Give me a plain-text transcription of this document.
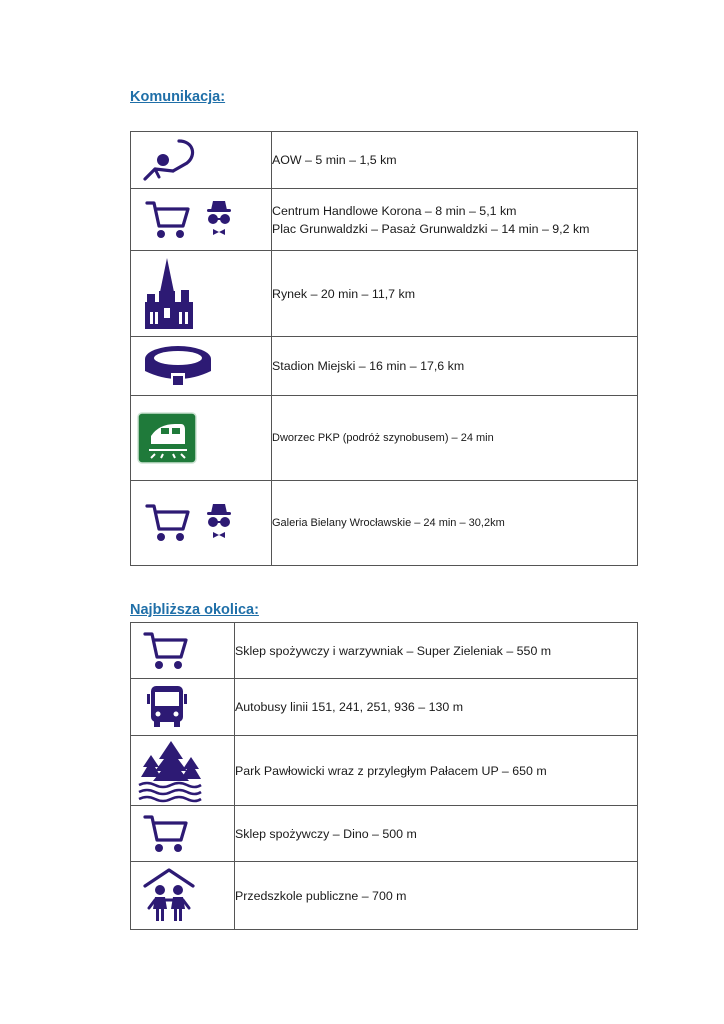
Komunikacja:

AOW – 5 min – 1,5 km

Centrum Handlowe Korona – 8 min – 5,1 km
Plac Grunwaldzki – Pasaż Grunwaldzki – 14 min – 9,2 km

Rynek – 20 min – 11,7 km

Stadion Miejski – 16 min – 17,6 km

Dworzec PKP (podróż szynobusem) – 24 min

Galeria Bielany Wrocławskie – 24 min – 30,2km
Najbliższa okolica:

Sklep spożywczy i warzywniak – Super Zieleniak – 550 m

Autobusy linii 151, 241, 251, 936 – 130 m

Park Pawłowicki wraz z przyległym Pałacem UP – 650 m

Sklep spożywczy – Dino – 500 m

Przedszkole publiczne – 700 m
